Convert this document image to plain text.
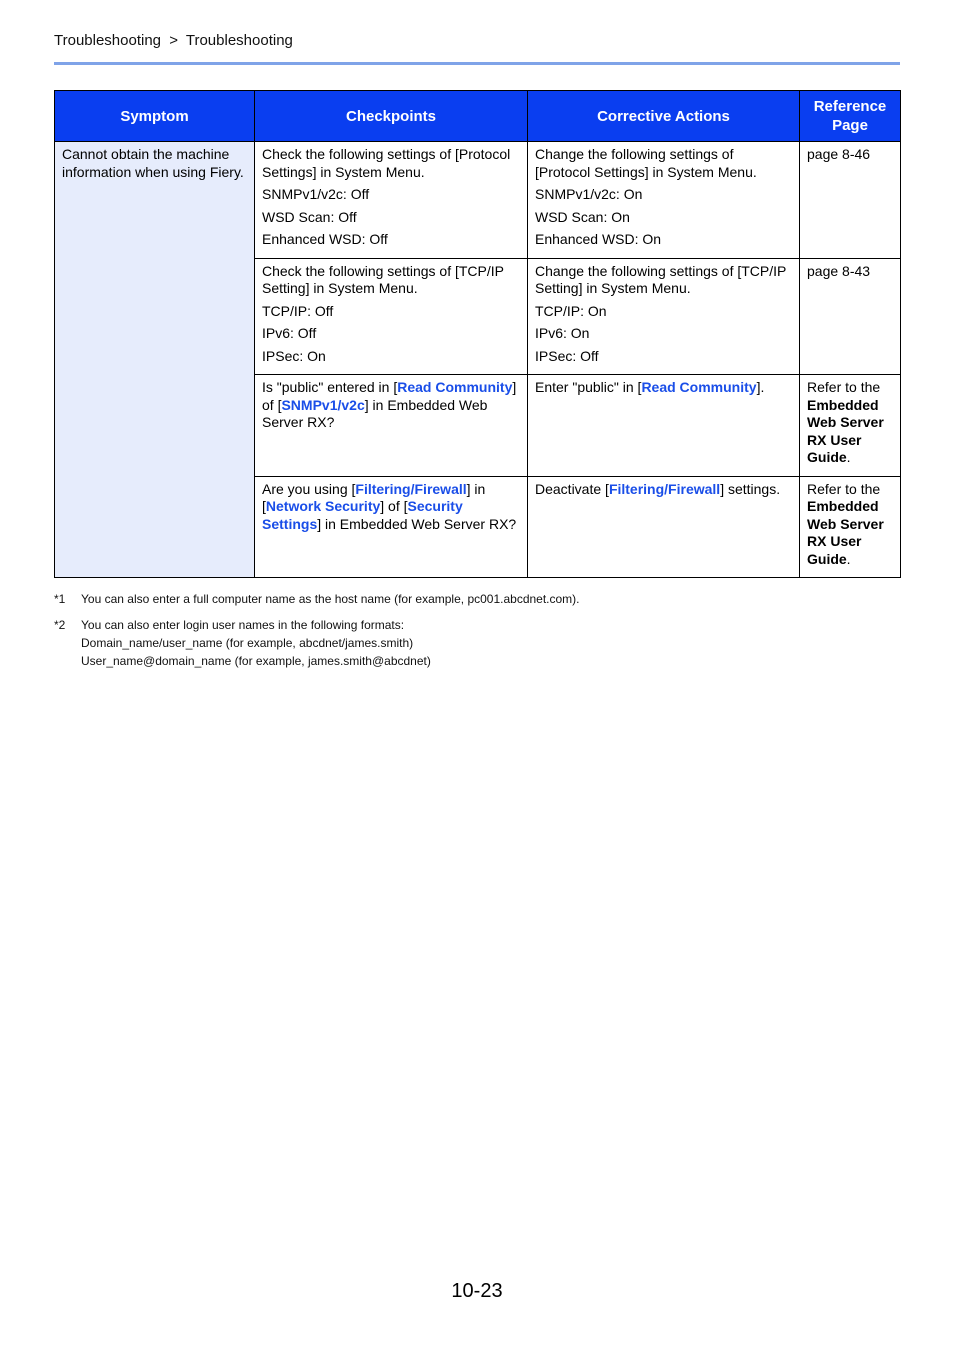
Troubleshooting > Troubleshooting
Symptom	Checkpoints	Corrective Actions	Reference Page
Cannot obtain the machine information when using Fiery.	Check the following settings of [Protocol Settings] in System Menu.
SNMPv1/v2c: Off
WSD Scan: Off
Enhanced WSD: Off	Change the following settings of [Protocol Settings] in System Menu.
SNMPv1/v2c: On
WSD Scan: On
Enhanced WSD: On	page 8-46

	Check the following settings of [TCP/IP Setting] in System Menu.
TCP/IP: Off
IPv6: Off
IPSec: On	Change the following settings of [TCP/IP Setting] in System Menu.
TCP/IP: On
IPv6: On
IPSec: Off	page 8-43
	Is "public" entered in [Read Community] of [SNMPv1/v2c] in Embedded Web Server RX?	Enter "public" in [Read Community].	Refer to the Embedded Web Server RX User Guide.
	Are you using [Filtering/Firewall] in [Network Security] of [Security Settings] in Embedded Web Server RX?	Deactivate [Filtering/Firewall] settings.	Refer to the Embedded Web Server RX User Guide.
*1	You can also enter a full computer name as the host name (for example, pc001.abcdnet.com).
*2	You can also enter login user names in the following formats:
Domain_name/user_name (for example, abcdnet/james.smith)
User_name@domain_name (for example, james.smith@abcdnet)
10-23
